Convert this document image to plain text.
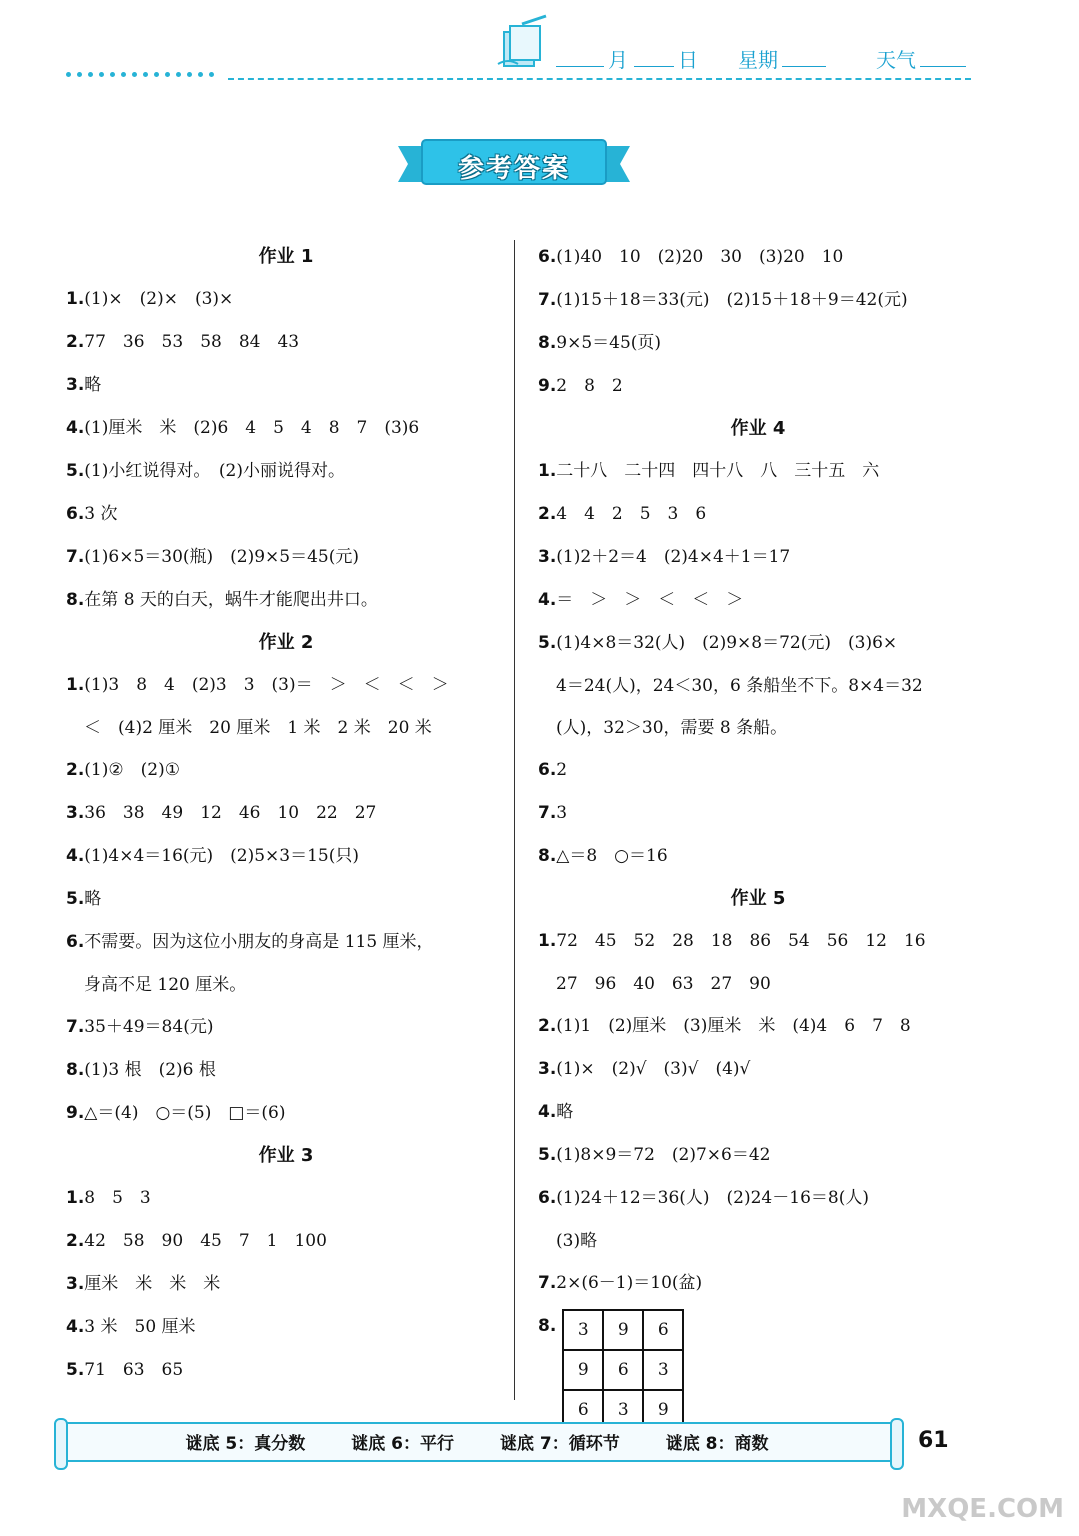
月	日 星期	天气
参考答案
作业 1
1.(1)×　(2)×　(3)×
2.77　36　53　58　84　43
3.略
4.(1)厘米　米　(2)6　4　5　4　8　7　(3)6
5.(1)小红说得对。　(2)小丽说得对。
6.3 次
7.(1)6×5＝30(瓶)　(2)9×5＝45(元)
8.在第 8 天的白天，蜗牛才能爬出井口。
作业 2
1.(1)3　8　4　(2)3　3　(3)＝　＞　＜　＜　＞
＜　(4)2 厘米　20 厘米　1 米　2 米　20 米
2.(1)②　(2)①
3.36　38　49　12　46　10　22　27
4.(1)4×4＝16(元)　(2)5×3＝15(只)
5.略
6.不需要。因为这位小朋友的身高是 115 厘米，
身高不足 120 厘米。
7.35＋49＝84(元)
8.(1)3 根　(2)6 根
9.△＝(4)　○＝(5)　□＝(6)
作业 3
1.8　5　3
2.42　58　90　45　7　1　100
3.厘米　米　米　米
4.3 米　50 厘米
5.71　63　65
6.(1)40　10　(2)20　30　(3)20　10
7.(1)15＋18＝33(元)　(2)15＋18＋9＝42(元)
8.9×5＝45(页)
9.2　8　2
作业 4
1.二十八　二十四　四十八　八　三十五　六
2.4　4　2　5　3　6
3.(1)2＋2＝4　(2)4×4＋1＝17
4.＝　＞　＞　＜　＜　＞
5.(1)4×8＝32(人)　(2)9×8＝72(元)　(3)6×
4＝24(人)，24＜30，6 条船坐不下。8×4＝32
(人)，32＞30，需要 8 条船。
6.2
7.3
8.△＝8　○＝16
作业 5
1.72　45　52　28　18　86　54　56　12　16
27　96　40　63　27　90
2.(1)1　(2)厘米　(3)厘米　米　(4)4　6　7　8
3.(1)×　(2)√　(3)√　(4)√
4.略
5.(1)8×9＝72　(2)7×6＝42
6.(1)24＋12＝36(人)　(2)24－16＝8(人)
(3)略
7.2×(6－1)＝10(盆)
8.	3	9	6
9	6	3
6	3	9
谜底 5：真分数	谜底 6：平行	谜底 7：循环节	谜底 8：商数	61
MXQE.COM
